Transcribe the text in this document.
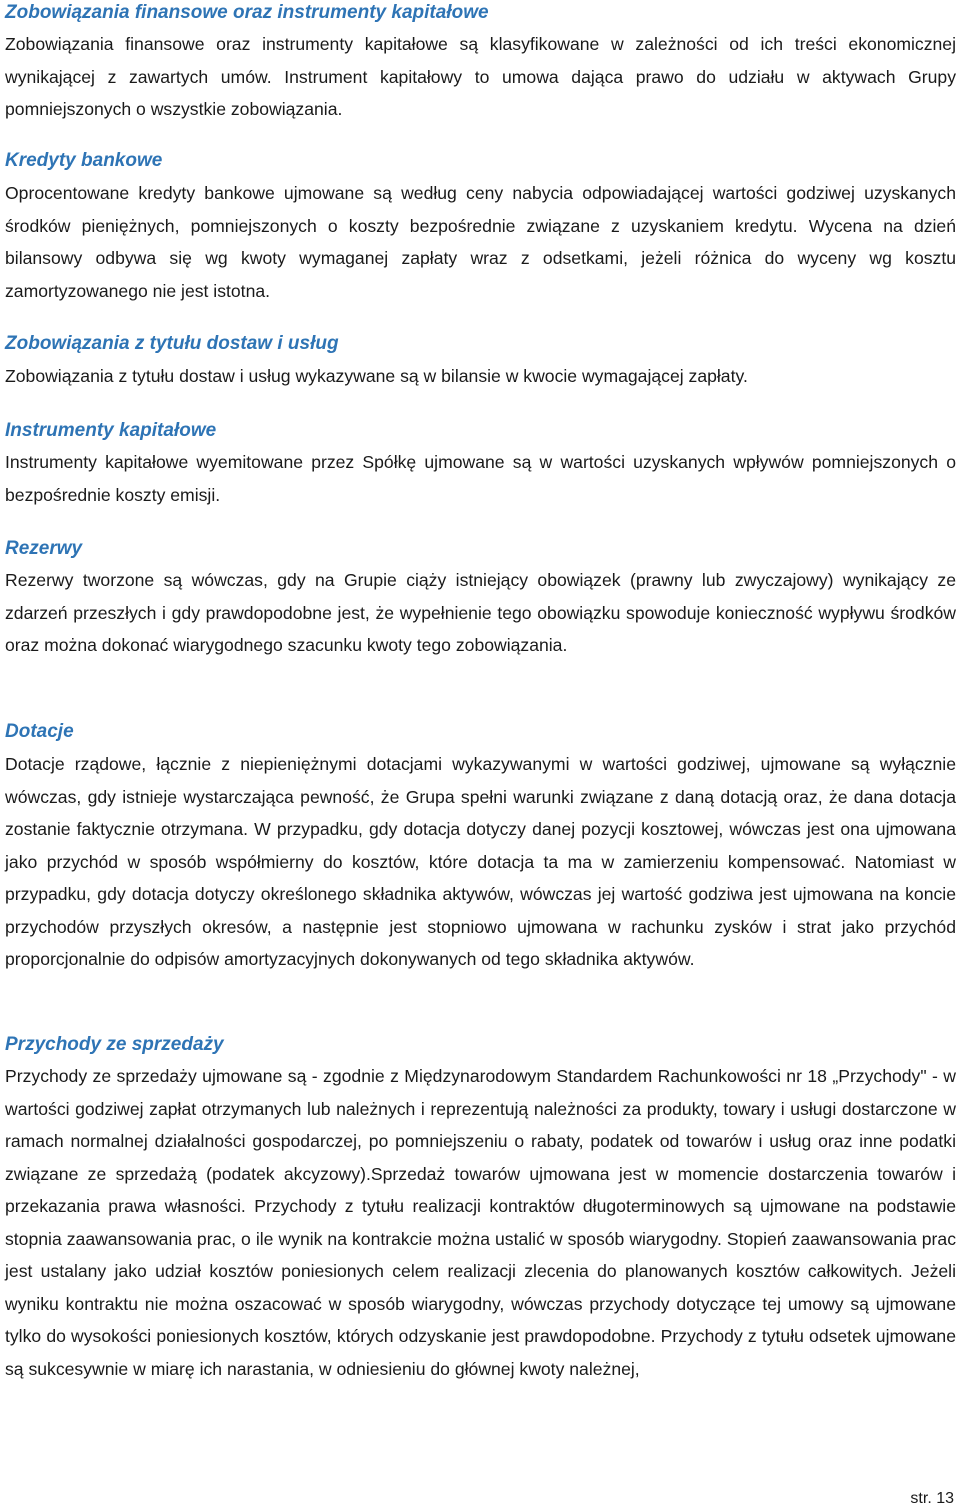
Zobowiązania finansowe oraz instrumenty kapitałowe

Zobowiązania finansowe oraz instrumenty kapitałowe są klasyfikowane w zależności od ich treści ekonomicznej wynikającej z zawartych umów. Instrument kapitałowy to umowa dająca prawo do udziału w aktywach Grupy pomniejszonych o wszystkie zobowiązania.

Kredyty bankowe

Oprocentowane kredyty bankowe ujmowane są według ceny nabycia odpowiadającej wartości godziwej uzyskanych środków pieniężnych, pomniejszonych o koszty bezpośrednie związane z uzyskaniem kredytu. Wycena na dzień bilansowy odbywa się wg kwoty wymaganej zapłaty wraz z odsetkami, jeżeli różnica do wyceny wg kosztu zamortyzowanego nie jest istotna.

Zobowiązania z tytułu dostaw i usług

Zobowiązania z tytułu dostaw i usług wykazywane są w bilansie w kwocie wymagającej zapłaty.

Instrumenty kapitałowe

Instrumenty kapitałowe wyemitowane przez Spółkę ujmowane są w wartości uzyskanych wpływów pomniejszonych o bezpośrednie koszty emisji.

Rezerwy

Rezerwy tworzone są wówczas, gdy na Grupie ciąży istniejący obowiązek (prawny lub zwyczajowy) wynikający ze zdarzeń przeszłych i gdy prawdopodobne jest, że wypełnienie tego obowiązku spowoduje konieczność wypływu środków oraz można dokonać wiarygodnego szacunku kwoty tego zobowiązania.

Dotacje

Dotacje rządowe, łącznie z niepieniężnymi dotacjami wykazywanymi w wartości godziwej, ujmowane są wyłącznie wówczas, gdy istnieje wystarczająca pewność, że Grupa spełni warunki związane z daną dotacją oraz, że dana dotacja zostanie faktycznie otrzymana. W przypadku, gdy dotacja dotyczy danej pozycji kosztowej, wówczas jest ona ujmowana jako przychód w sposób współmierny do kosztów, które dotacja ta ma w zamierzeniu kompensować. Natomiast w przypadku, gdy dotacja dotyczy określonego składnika aktywów, wówczas jej wartość godziwa jest ujmowana na koncie przychodów przyszłych okresów, a następnie jest stopniowo ujmowana w rachunku zysków i strat jako przychód proporcjonalnie do odpisów amortyzacyjnych dokonywanych od tego składnika aktywów.

Przychody ze sprzedaży

Przychody ze sprzedaży ujmowane są - zgodnie z Międzynarodowym Standardem Rachunkowości nr 18 „Przychody" - w wartości godziwej zapłat otrzymanych lub należnych i reprezentują należności za produkty, towary i usługi dostarczone w ramach normalnej działalności gospodarczej, po pomniejszeniu o rabaty, podatek od towarów i usług oraz inne podatki związane ze sprzedażą (podatek akcyzowy).Sprzedaż towarów ujmowana jest w momencie dostarczenia towarów i przekazania prawa własności. Przychody z tytułu realizacji kontraktów długoterminowych są ujmowane na podstawie stopnia zaawansowania prac, o ile wynik na kontrakcie można ustalić w sposób wiarygodny. Stopień zaawansowania prac jest ustalany jako udział kosztów poniesionych celem realizacji zlecenia do planowanych kosztów całkowitych. Jeżeli wyniku kontraktu nie można oszacować w sposób wiarygodny, wówczas przychody dotyczące tej umowy są ujmowane tylko do wysokości poniesionych kosztów, których odzyskanie jest prawdopodobne. Przychody z tytułu odsetek ujmowane są sukcesywnie w miarę ich narastania, w odniesieniu do głównej kwoty należnej,

str. 13
